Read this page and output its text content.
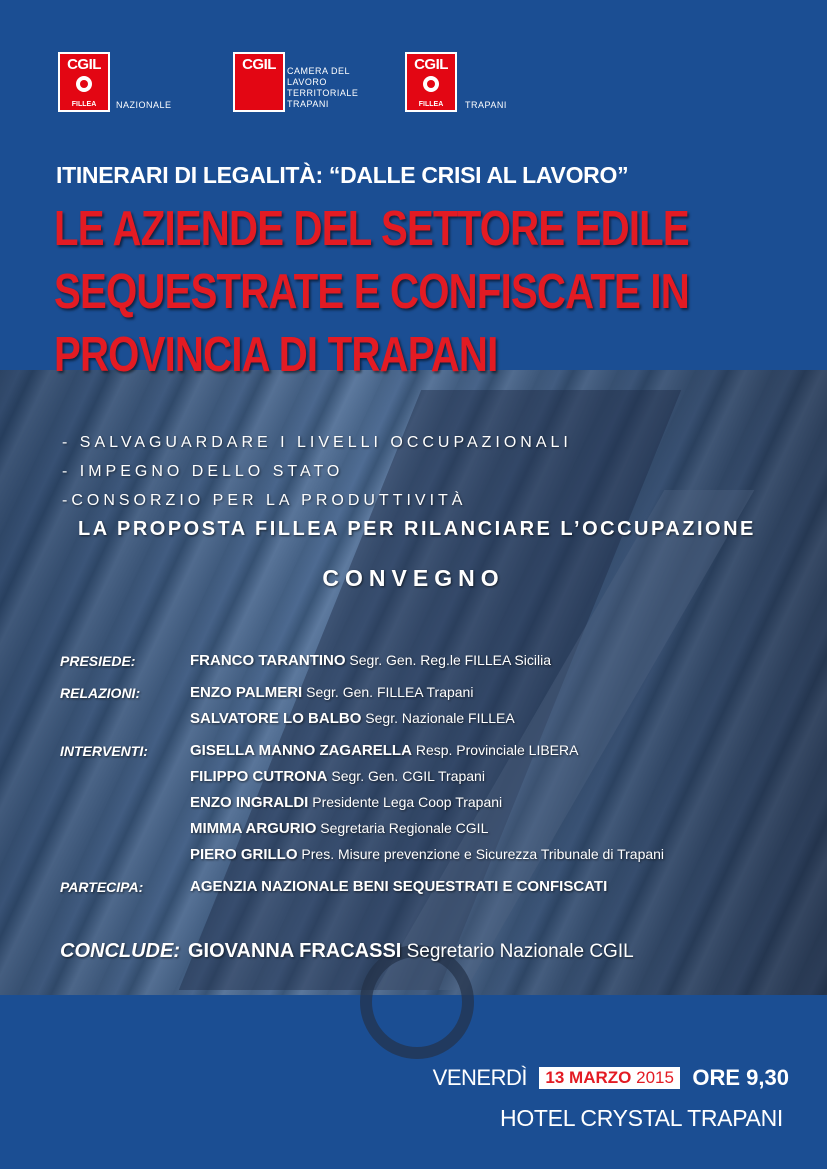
CGIL
FILLEA	NAZIONALE
CGIL	CAMERA DEL
LAVORO
TERRITORIALE
TRAPANI
CGIL
FILLEA	TRAPANI
ITINERARI DI LEGALITÀ: “DALLE CRISI AL LAVORO”
LE AZIENDE DEL SETTORE EDILE
SEQUESTRATE E CONFISCATE IN
PROVINCIA DI TRAPANI
- SALVAGUARDARE I LIVELLI OCCUPAZIONALI
- IMPEGNO DELLO STATO
-CONSORZIO PER LA PRODUTTIVITÀ
LA PROPOSTA FILLEA PER RILANCIARE L’OCCUPAZIONE
CONVEGNO
PRESIEDE:	FRANCO TARANTINO Segr. Gen. Reg.le FILLEA Sicilia
RELAZIONI:	ENZO PALMERI Segr. Gen. FILLEA Trapani
SALVATORE LO BALBO Segr. Nazionale FILLEA
INTERVENTI:	GISELLA MANNO ZAGARELLA Resp. Provinciale LIBERA
FILIPPO CUTRONA Segr. Gen. CGIL Trapani
ENZO INGRALDI Presidente Lega Coop Trapani
MIMMA ARGURIO Segretaria Regionale CGIL
PIERO GRILLO Pres. Misure prevenzione e Sicurezza Tribunale di Trapani
PARTECIPA:	AGENZIA NAZIONALE BENI SEQUESTRATI E CONFISCATI
CONCLUDE: GIOVANNA FRACASSI Segretario Nazionale CGIL
VENERDÌ 13 MARZO 2015 ORE 9,30
HOTEL CRYSTAL TRAPANI
